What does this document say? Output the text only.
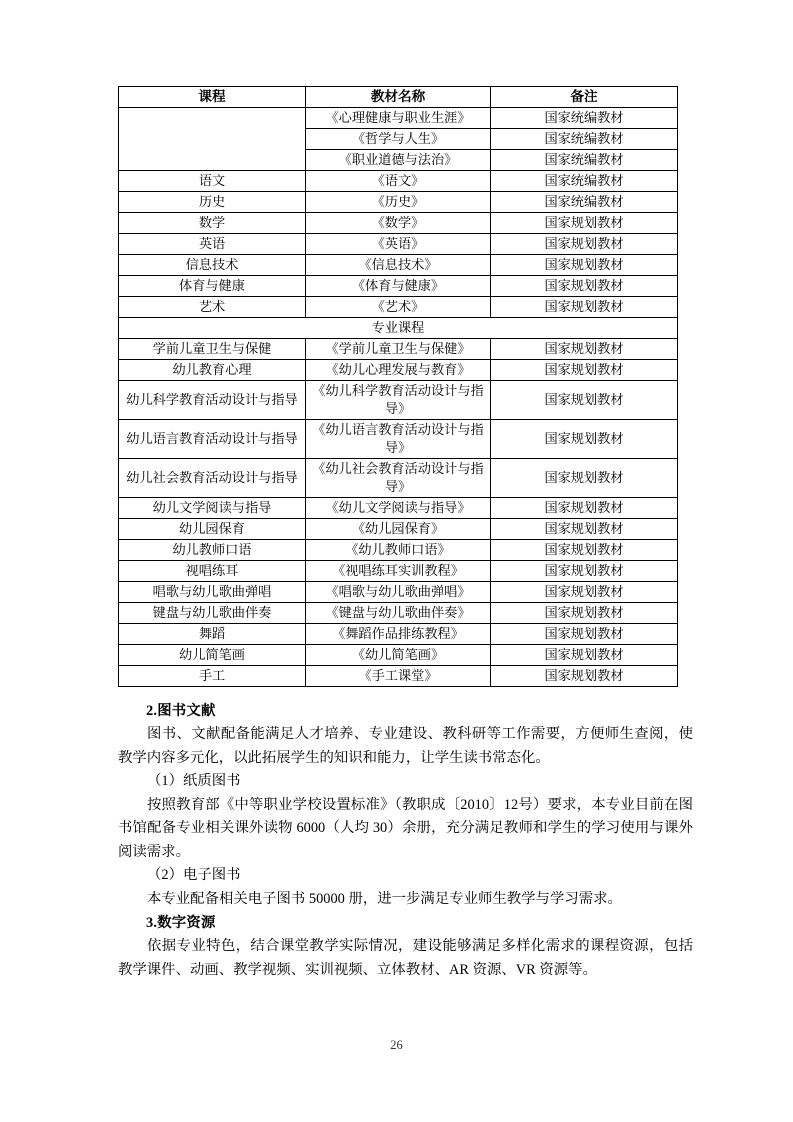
课程	教材名称	备注
	《心理健康与职业生涯》	国家统编教材
	《哲学与人生》	国家统编教材
	《职业道德与法治》	国家统编教材
语文	《语文》	国家统编教材
历史	《历史》	国家统编教材
数学	《数学》	国家规划教材
英语	《英语》	国家规划教材
信息技术	《信息技术》	国家规划教材
体育与健康	《体育与健康》	国家规划教材
艺术	《艺术》	国家规划教材
专业课程		
学前儿童卫生与保健	《学前儿童卫生与保健》	国家规划教材
幼儿教育心理	《幼儿心理发展与教育》	国家规划教材
幼儿科学教育活动设计与指导	《幼儿科学教育活动设计与指导》	国家规划教材
幼儿语言教育活动设计与指导	《幼儿语言教育活动设计与指导》	国家规划教材
幼儿社会教育活动设计与指导	《幼儿社会教育活动设计与指导》	国家规划教材
幼儿文学阅读与指导	《幼儿文学阅读与指导》	国家规划教材
幼儿园保育	《幼儿园保育》	国家规划教材
幼儿教师口语	《幼儿教师口语》	国家规划教材
视唱练耳	《视唱练耳实训教程》	国家规划教材
唱歌与幼儿歌曲弹唱	《唱歌与幼儿歌曲弹唱》	国家规划教材
键盘与幼儿歌曲伴奏	《键盘与幼儿歌曲伴奏》	国家规划教材
舞蹈	《舞蹈作品排练教程》	国家规划教材
幼儿简笔画	《幼儿简笔画》	国家规划教材
手工	《手工课堂》	国家规划教材

2.图书文献

图书、文献配备能满足人才培养、专业建设、教科研等工作需要，方便师生查阅，使教学内容多元化，以此拓展学生的知识和能力，让学生读书常态化。

（1）纸质图书

按照教育部《中等职业学校设置标准》（教职成〔2010〕12号）要求，本专业目前在图书馆配备专业相关课外读物 6000（人均 30）余册，充分满足教师和学生的学习使用与课外阅读需求。

（2）电子图书

本专业配备相关电子图书 50000 册，进一步满足专业师生教学与学习需求。

3.数字资源

依据专业特色，结合课堂教学实际情况，建设能够满足多样化需求的课程资源，包括教学课件、动画、教学视频、实训视频、立体教材、AR 资源、VR 资源等。

26
